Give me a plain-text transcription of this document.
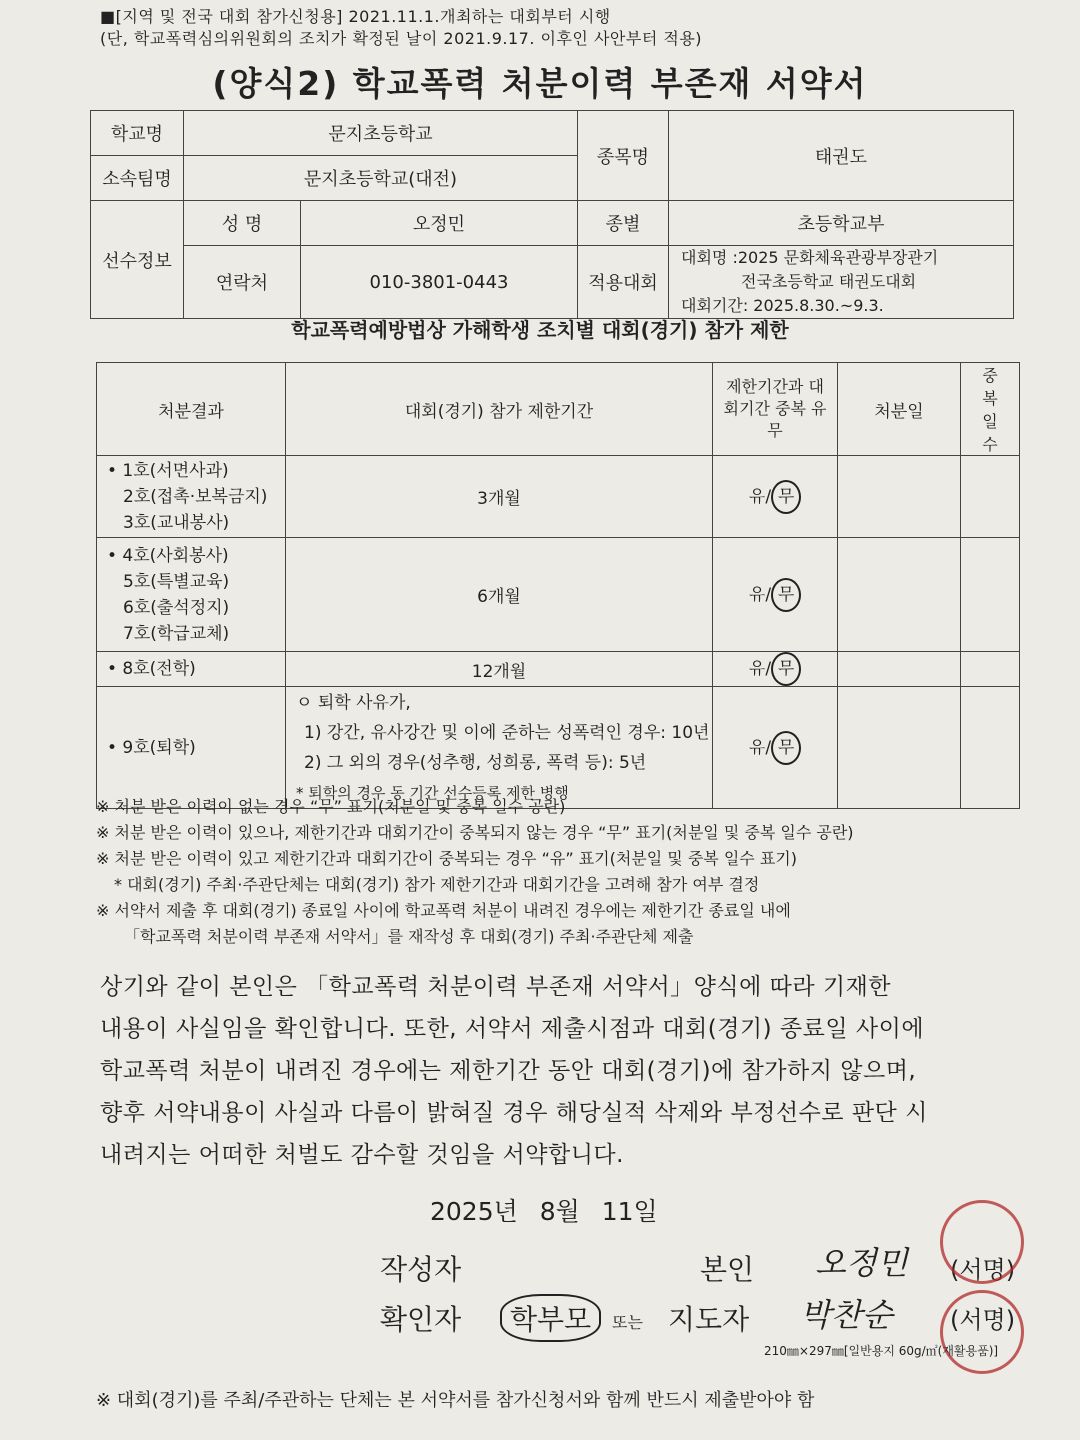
■[지역 및 전국 대회 참가신청용] 2021.11.1.개최하는 대회부터 시행
(단, 학교폭력심의위원회의 조치가 확정된 날이 2021.9.17. 이후인 사안부터 적용)
(양식2) 학교폭력 처분이력 부존재 서약서
학교명	문지초등학교		종목명	태권도
소속팀명	문지초등학교(대전)			
선수정보	성 명	오정민	종별	초등학교부
	연락처	010-3801-0443	적용대회	대회명 :2025 문화체육관광부장관기
전국초등학교 태권도대회
대회기간: 2025.8.30.~9.3.
학교폭력예방법상 가해학생 조치별 대회(경기) 참가 제한
처분결과	대회(경기) 참가 제한기간	제한기간과 대회기간 중복 유무	처분일	중복 일수

• 1호(서면사과)
2호(접촉·보복금지)
3호(교내봉사)	3개월	유/ 무		

• 4호(사회봉사)
5호(특별교육)
6호(출석정지)
7호(학급교체)	6개월	유/ 무		

• 8호(전학)	12개월	유/ 무		

• 9호(퇴학)	ㅇ 퇴학 사유가,
1) 강간, 유사강간 및 이에 준하는 성폭력인 경우: 10년
2) 그 외의 경우(성추행, 성희롱, 폭력 등): 5년
* 퇴학의 경우 동 기간 선수등록 제한 병행	유/ 무		
※ 처분 받은 이력이 없는 경우 “무” 표기(처분일 및 중복 일수 공란)
※ 처분 받은 이력이 있으나, 제한기간과 대회기간이 중복되지 않는 경우 “무” 표기(처분일 및 중복 일수 공란)
※ 처분 받은 이력이 있고 제한기간과 대회기간이 중복되는 경우 “유” 표기(처분일 및 중복 일수 표기)
* 대회(경기) 주최·주관단체는 대회(경기) 참가 제한기간과 대회기간을 고려해 참가 여부 결정
※ 서약서 제출 후 대회(경기) 종료일 사이에 학교폭력 처분이 내려진 경우에는 제한기간 종료일 내에
「학교폭력 처분이력 부존재 서약서」를 재작성 후 대회(경기) 주최·주관단체 제출
상기와 같이 본인은 「학교폭력 처분이력 부존재 서약서」양식에 따라 기재한
내용이 사실임을 확인합니다. 또한, 서약서 제출시점과 대회(경기) 종료일 사이에
학교폭력 처분이 내려진 경우에는 제한기간 동안 대회(경기)에 참가하지 않으며,
향후 서약내용이 사실과 다름이 밝혀질 경우 해당실적 삭제와 부정선수로 판단 시
내려지는 어떠한 처벌도 감수할 것임을 서약합니다.
2025년 8월 11일
작성자	본인 오정민 (서명)
확인자	학부모	또는 지도자 박찬순 (서명)
210㎜×297㎜[일반용지 60g/㎡(재활용품)]
※ 대회(경기)를 주최/주관하는 단체는 본 서약서를 참가신청서와 함께 반드시 제출받아야 함
